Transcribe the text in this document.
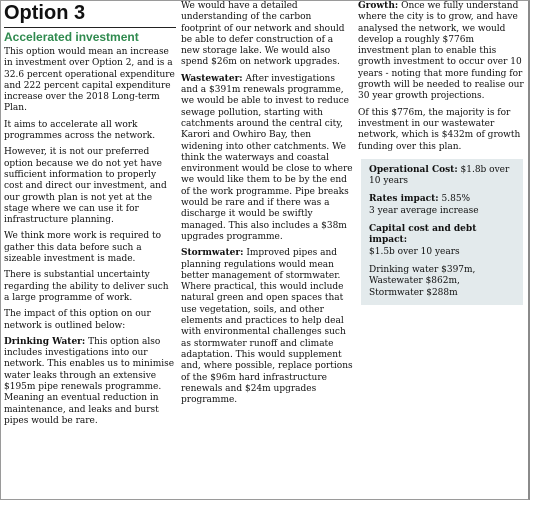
Option 3
Accelerated investment

This option would mean an increase in investment over Option 2, and is a 32.6 percent operational expenditure and 222 percent capital expenditure increase over the 2018 Long-term Plan.

It aims to accelerate all work programmes across the network.

However, it is not our preferred option because we do not yet have sufficient information to properly cost and direct our investment, and our growth plan is not yet at the stage where we can use it for infrastructure planning.

We think more work is required to gather this data before such a sizeable investment is made.

There is substantial uncertainty regarding the ability to deliver such a large programme of work.

The impact of this option on our network is outlined below:

Drinking Water: This option also includes investigations into our network. This enables us to minimise water leaks through an extensive $195m pipe renewals programme. Meaning an eventual reduction in maintenance, and leaks and burst pipes would be rare.

We would have a detailed understanding of the carbon footprint of our network and should be able to defer construction of a new storage lake. We would also spend $26m on network upgrades.

Wastewater: After investigations and a $391m renewals programme, we would be able to invest to reduce sewage pollution, starting with catchments around the central city, Karori and Owhiro Bay, then widening into other catchments. We think the waterways and coastal environment would be close to where we would like them to be by the end of the work programme. Pipe breaks would be rare and if there was a discharge it would be swiftly managed. This also includes a $38m upgrades programme.

Stormwater: Improved pipes and planning regulations would mean better management of stormwater. Where practical, this would include natural green and open spaces that use vegetation, soils, and other elements and practices to help deal with environmental challenges such as stormwater runoff and climate adaptation. This would supplement and, where possible, replace portions of the $96m hard infrastructure renewals and $24m upgrades programme.

Growth: Once we fully understand where the city is to grow, and have analysed the network, we would develop a roughly $776m investment plan to enable this growth investment to occur over 10 years - noting that more funding for growth will be needed to realise our 30 year growth projections.

Of this $776m, the majority is for investment in our wastewater network, which is $432m of growth funding over this plan.

Operational Cost: $1.8b over 10 years
Rates impact: 5.85%
3 year average increase
Capital cost and debt impact:
$1.5b over 10 years
Drinking water $397m,
Wastewater $862m,
Stormwater $288m
